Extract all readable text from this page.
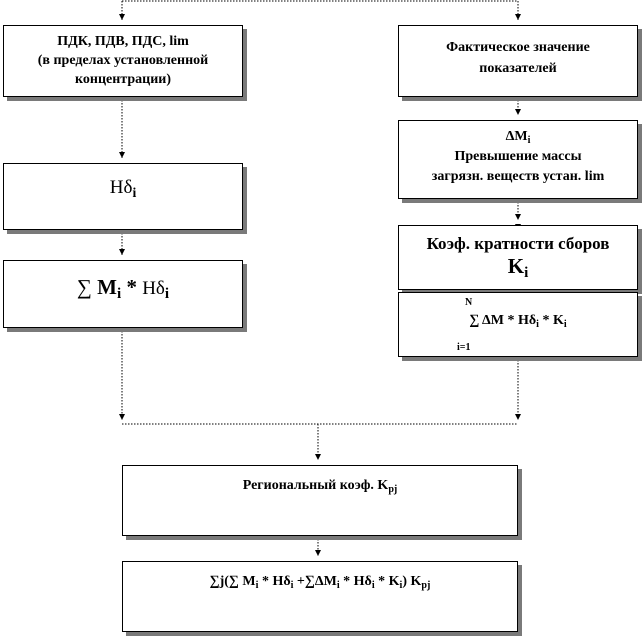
ПДК, ПДВ, ПДС, lim
(в пределах установленной
концентрации)
Фактическое значение
показателей
$Н\delta_i$
∑ $M_i * Н\delta_i$
$\Delta M_i$
Превышение массы
загрязн. веществ устан. lim
Коэф. кратности сборов
$K_i$
N
∑ ΔM * $Н\delta_i * K_i$
i=1
Региональный коэф. $K_{pj}$
∑j(∑ $M_i * Н\delta_i +\sum\Delta M_i * Н\delta_i * K_i$) $K_{pj}$
